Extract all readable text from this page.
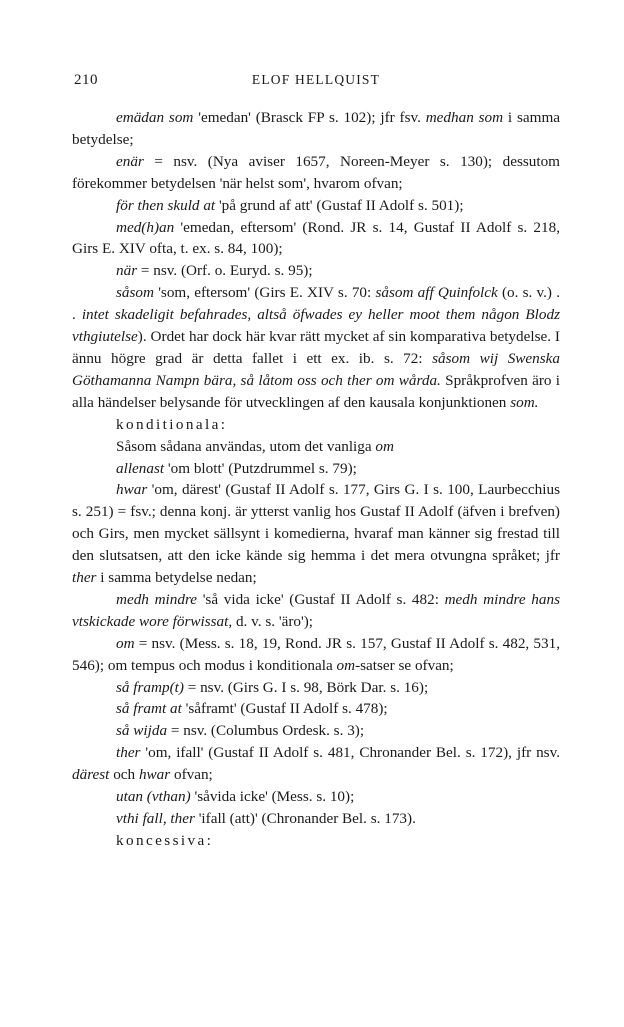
210	ELOF HELLQUIST

emädan som 'emedan' (Brasck FP s. 102); jfr fsv. medhan som i samma betydelse;

enär = nsv. (Nya aviser 1657, Noreen-Meyer s. 130); dessutom förekommer betydelsen 'när helst som', hvarom ofvan;

för then skuld at 'på grund af att' (Gustaf II Adolf s. 501);

med(h)an 'emedan, eftersom' (Rond. JR s. 14, Gustaf II Adolf s. 218, Girs E. XIV ofta, t. ex. s. 84, 100);

när = nsv. (Orf. o. Euryd. s. 95);

såsom 'som, eftersom' (Girs E. XIV s. 70: såsom aff Quinfolck (o. s. v.) . . intet skadeligit befahrades, altså öfwades ey heller moot them någon Blodz vthgiutelse). Ordet har dock här kvar rätt mycket af sin komparativa betydelse. I ännu högre grad är detta fallet i ett ex. ib. s. 72: såsom wij Swenska Göthamanna Nampn bära, så låtom oss och ther om wårda. Språkprofven äro i alla händelser belysande för utvecklingen af den kausala konjunktionen som.

konditionala:

Såsom sådana användas, utom det vanliga om

allenast 'om blott' (Putzdrummel s. 79);

hwar 'om, därest' (Gustaf II Adolf s. 177, Girs G. I s. 100, Laurbecchius s. 251) = fsv.; denna konj. är ytterst vanlig hos Gustaf II Adolf (äfven i brefven) och Girs, men mycket sällsynt i komedierna, hvaraf man känner sig frestad till den slutsatsen, att den icke kände sig hemma i det mera otvungna språket; jfr ther i samma betydelse nedan;

medh mindre 'så vida icke' (Gustaf II Adolf s. 482: medh mindre hans vtskickade wore förwissat, d. v. s. 'äro');

om = nsv. (Mess. s. 18, 19, Rond. JR s. 157, Gustaf II Adolf s. 482, 531, 546); om tempus och modus i konditionala om-satser se ofvan;

så framp(t) = nsv. (Girs G. I s. 98, Börk Dar. s. 16);

så framt at 'såframt' (Gustaf II Adolf s. 478);

så wijda = nsv. (Columbus Ordesk. s. 3);

ther 'om, ifall' (Gustaf II Adolf s. 481, Chronander Bel. s. 172), jfr nsv. därest och hwar ofvan;

utan (vthan) 'såvida icke' (Mess. s. 10);

vthi fall, ther 'ifall (att)' (Chronander Bel. s. 173).

koncessiva:
